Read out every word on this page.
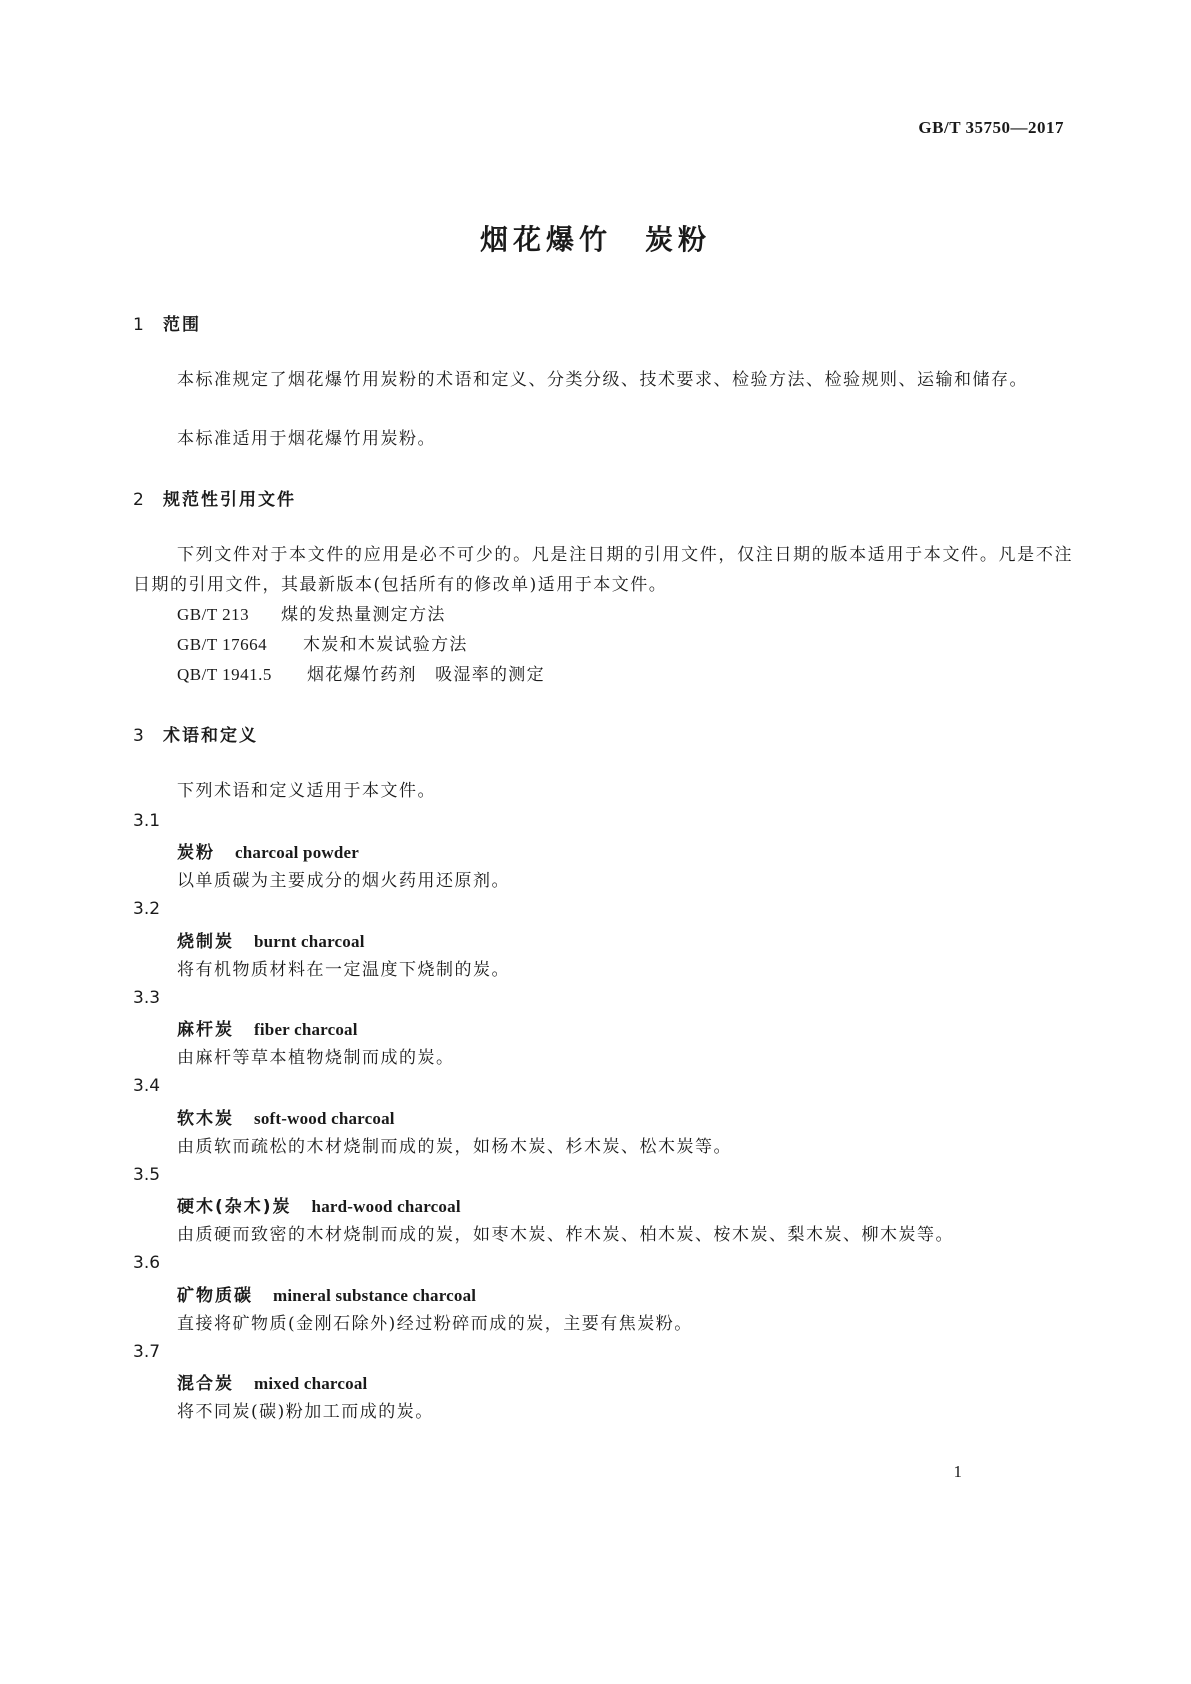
GB/T 35750—2017
烟花爆竹　炭粉
1 范围
本标准规定了烟花爆竹用炭粉的术语和定义、分类分级、技术要求、检验方法、检验规则、运输和储存。
本标准适用于烟花爆竹用炭粉。
2 规范性引用文件
下列文件对于本文件的应用是必不可少的。凡是注日期的引用文件，仅注日期的版本适用于本文件。凡是不注日期的引用文件，其最新版本(包括所有的修改单)适用于本文件。
GB/T 213 煤的发热量测定方法
GB/T 17664 木炭和木炭试验方法
QB/T 1941.5 烟花爆竹药剂　吸湿率的测定
3 术语和定义
下列术语和定义适用于本文件。
3.1
炭粉 charcoal powder
以单质碳为主要成分的烟火药用还原剂。
3.2
烧制炭 burnt charcoal
将有机物质材料在一定温度下烧制的炭。
3.3
麻杆炭 fiber charcoal
由麻杆等草本植物烧制而成的炭。
3.4
软木炭 soft-wood charcoal
由质软而疏松的木材烧制而成的炭，如杨木炭、杉木炭、松木炭等。
3.5
硬木(杂木)炭 hard-wood charcoal
由质硬而致密的木材烧制而成的炭，如枣木炭、柞木炭、柏木炭、桉木炭、梨木炭、柳木炭等。
3.6
矿物质碳 mineral substance charcoal
直接将矿物质(金刚石除外)经过粉碎而成的炭，主要有焦炭粉。
3.7
混合炭 mixed charcoal
将不同炭(碳)粉加工而成的炭。
1
